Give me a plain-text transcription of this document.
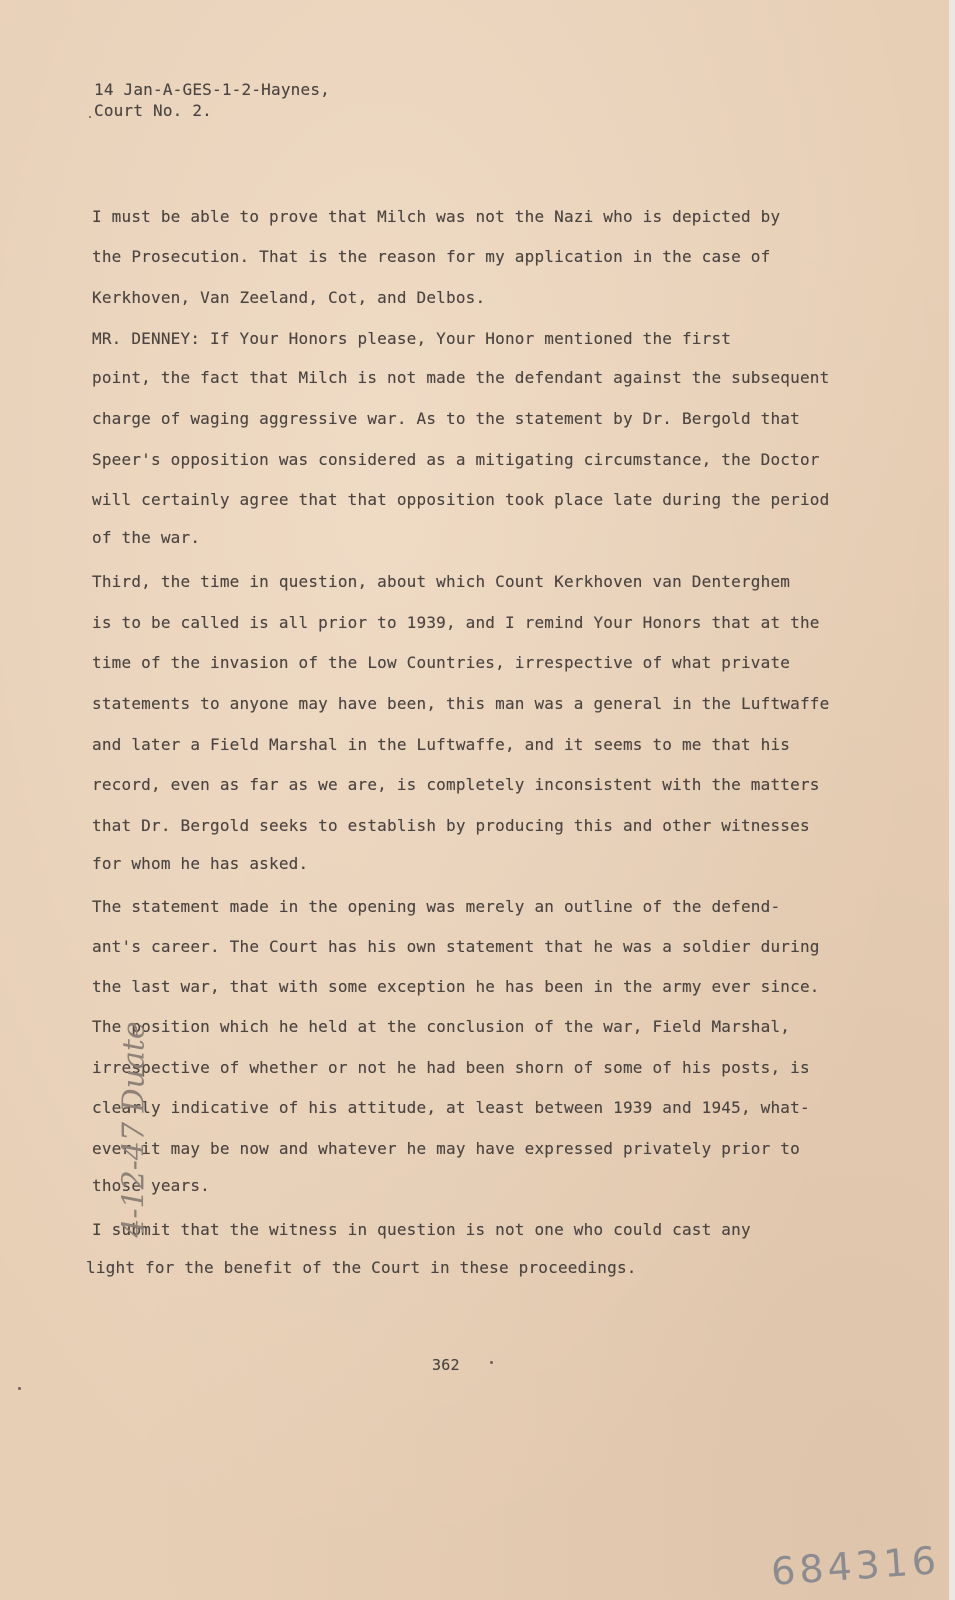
14 Jan-A-GES-1-2-Haynes,
Court No. 2.
I must be able to prove that Milch was not the Nazi who is depicted by
the Prosecution. That is the reason for my application in the case of
Kerkhoven, Van Zeeland, Cot, and Delbos.
MR. DENNEY: If Your Honors please, Your Honor mentioned the first
point, the fact that Milch is not made the defendant against the subsequent
charge of waging aggressive war. As to the statement by Dr. Bergold that
Speer's opposition was considered as a mitigating circumstance, the Doctor
will certainly agree that that opposition took place late during the period
of the war.
Third, the time in question, about which Count Kerkhoven van Denterghem
is to be called is all prior to 1939, and I remind Your Honors that at the
time of the invasion of the Low Countries, irrespective of what private
statements to anyone may have been, this man was a general in the Luftwaffe
and later a Field Marshal in the Luftwaffe, and it seems to me that his
record, even as far as we are, is completely inconsistent with the matters
that Dr. Bergold seeks to establish by producing this and other witnesses
for whom he has asked.
The statement made in the opening was merely an outline of the defend-
ant's career. The Court has his own statement that he was a soldier during
the last war, that with some exception he has been in the army ever since.
The position which he held at the conclusion of the war, Field Marshal,
irrespective of whether or not he had been shorn of some of his posts, is
clearly indicative of his attitude, at least between 1939 and 1945, what-
ever it may be now and whatever he may have expressed privately prior to
those years.
I submit that the witness in question is not one who could cast any
light for the benefit of the Court in these proceedings.
362
4-12-47 Duate
684316
